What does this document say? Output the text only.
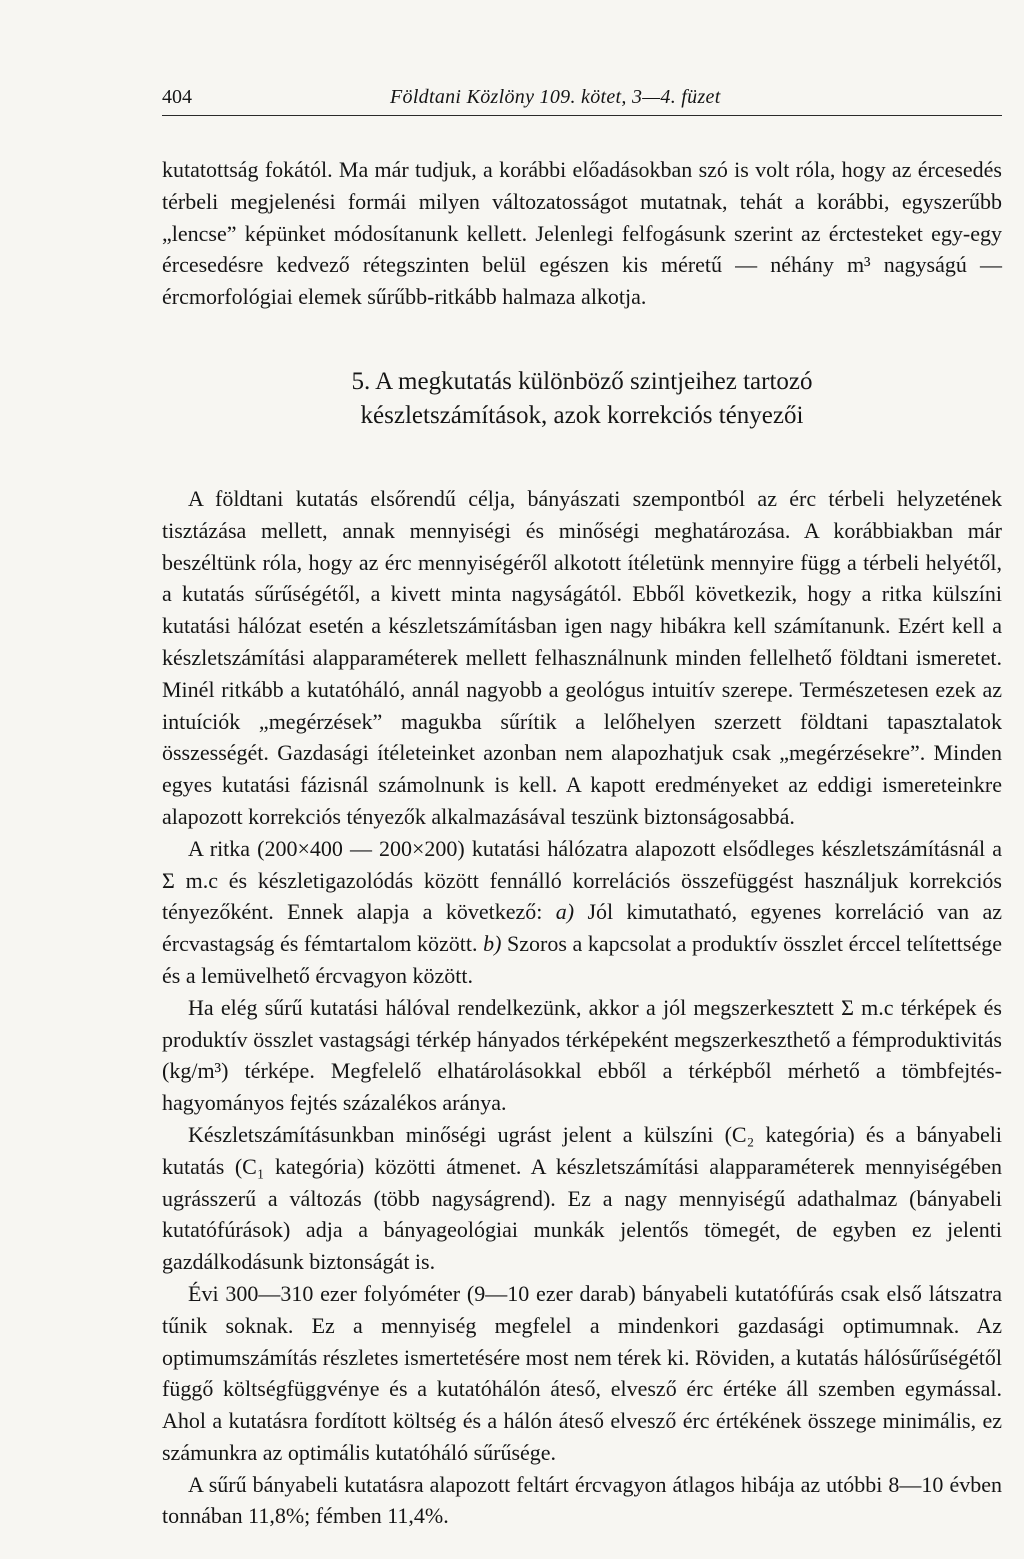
404	Földtani Közlöny 109. kötet, 3—4. füzet

kutatottság fokától. Ma már tudjuk, a korábbi előadásokban szó is volt róla, hogy az ércesedés térbeli megjelenési formái milyen változatosságot mutatnak, tehát a korábbi, egyszerűbb „lencse” képünket módosítanunk kellett. Jelenlegi felfogásunk szerint az érctesteket egy-egy ércesedésre kedvező rétegszinten belül egészen kis méretű — néhány m³ nagyságú — ércmorfológiai elemek sűrűbb-ritkább halmaza alkotja.

5. A megkutatás különböző szintjeihez tartozó
készletszámítások, azok korrekciós tényezői

A földtani kutatás elsőrendű célja, bányászati szempontból az érc térbeli helyzetének tisztázása mellett, annak mennyiségi és minőségi meghatározása. A korábbiakban már beszéltünk róla, hogy az érc mennyiségéről alkotott ítéletünk mennyire függ a térbeli helyétől, a kutatás sűrűségétől, a kivett minta nagyságától. Ebből következik, hogy a ritka külszíni kutatási hálózat esetén a készletszámításban igen nagy hibákra kell számítanunk. Ezért kell a készletszámítási alapparaméterek mellett felhasználnunk minden fellelhető földtani ismeretet. Minél ritkább a kutatóháló, annál nagyobb a geológus intuitív szerepe. Természetesen ezek az intuíciók „megérzések” magukba sűrítik a lelőhelyen szerzett földtani tapasztalatok összességét. Gazdasági ítéleteinket azonban nem alapozhatjuk csak „megérzésekre”. Minden egyes kutatási fázisnál számolnunk is kell. A kapott eredményeket az eddigi ismereteinkre alapozott korrekciós tényezők alkalmazásával teszünk biztonságosabbá.

A ritka (200×400 — 200×200) kutatási hálózatra alapozott elsődleges készletszámításnál a Σ m.c és készletigazolódás között fennálló korrelációs összefüggést használjuk korrekciós tényezőként. Ennek alapja a következő: a) Jól kimutatható, egyenes korreláció van az ércvastagság és fémtartalom között. b) Szoros a kapcsolat a produktív összlet érccel telítettsége és a lemüvelhető ércvagyon között.

Ha elég sűrű kutatási hálóval rendelkezünk, akkor a jól megszerkesztett Σ m.c térképek és produktív összlet vastagsági térkép hányados térképeként megszerkeszthető a fémproduktivitás (kg/m³) térképe. Megfelelő elhatárolásokkal ebből a térképből mérhető a tömbfejtés-hagyományos fejtés százalékos aránya.

Készletszámításunkban minőségi ugrást jelent a külszíni (C₂ kategória) és a bányabeli kutatás (C₁ kategória) közötti átmenet. A készletszámítási alapparaméterek mennyiségében ugrásszerű a változás (több nagyságrend). Ez a nagy mennyiségű adathalmaz (bányabeli kutatófúrások) adja a bányageológiai munkák jelentős tömegét, de egyben ez jelenti gazdálkodásunk biztonságát is.

Évi 300—310 ezer folyóméter (9—10 ezer darab) bányabeli kutatófúrás csak első látszatra tűnik soknak. Ez a mennyiség megfelel a mindenkori gazdasági optimumnak. Az optimumszámítás részletes ismertetésére most nem térek ki. Röviden, a kutatás hálósűrűségétől függő költségfüggvénye és a kutatóhálón áteső, elvesző érc értéke áll szemben egymással. Ahol a kutatásra fordított költség és a hálón áteső elvesző érc értékének összege minimális, ez számunkra az optimális kutatóháló sűrűsége.

A sűrű bányabeli kutatásra alapozott feltárt ércvagyon átlagos hibája az utóbbi 8—10 évben tonnában 11,8%; fémben 11,4%.
